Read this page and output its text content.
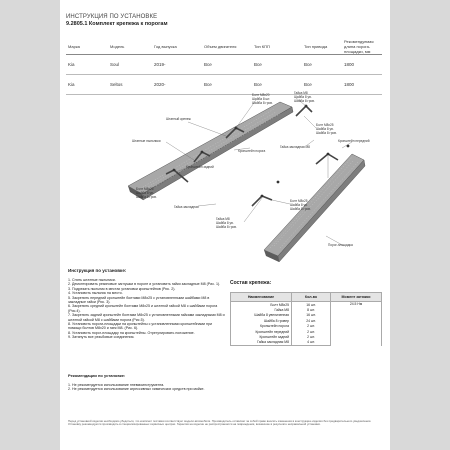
ИНСТРУКЦИЯ ПО УСТАНОВКЕ
9.2805.1 Комплект крепежа к порогам
Марка	Модель	Год выпуска	Объем двигателя	Тип КПП	Тип привода	Рекомендуемая длина порога-площадки, мм
Kia	Soul	2019-	Все	Все	Все	1800
Kia	Seltos	2020-	Все	Все	Все	1800
Болт М8х20
Шайба 8 шт.
Шайба 8 гров.
Гайка М8
Шайба 8 ув.
Шайба 8 гров.
Штатный крепеж
Штатные пыльники
Кронштейн порога
Гайка закладная М8
Кронштейн передний
Болт М8х25
Шайба 8 ув.
Шайба 8 гров.
Кронштейн задний
Болт М8х25
Шайба 8 ув.
Шайба 8 гров.
Гайка закладная
Болт М8х25
Шайба 8 ув.
Шайба 8 гров.
Гайка М8
Шайба 8 ув.
Шайба 8 гров.
Порог-площадка
Инструкция по установке:
1. Снять штатные пыльники.
2. Демонтировать резиновые заглушки в пороге и установить гайки закладные М8 (Рис. 1).
3. Подрезать пыльник в местах установки кронштейнов (Рис. 2).
4. Установить пыльник на место.
5. Закрепить передний кронштейн болтами М8х25 с установленными шайбами М8 в закладные гайки (Рис. 3).
6. Закрепить средний кронштейн болтами М8х25 и штатной гайкой М8 с шайбами порога (Рис.4).
7. Закрепить задний кронштейн болтами М8х25 с установленными гайками закладными М8 и штатной гайкой М8 с шайбами порога (Рис.5).
8. Установить пороги-площадки на кронштейны с установленными кронштейнами при помощи болтов М8х20 и гаек М8. (Рис. 6).
8. Установить порог-площадку на кронштейны. Отрегулировать положение.
9. Затянуть все резьбовые соединения.
Состав крепежа:
Наименование	Кол-во	Момент затяжки
Болт М8х25	16 шт.	24.5 Нм
Гайка М8	8 шт.	
Шайба 8 увеличенная	16 шт.	
Шайба 8 гровер	24 шт.	
Кронштейн порога	2 шт.	
Кронштейн передний	2 шт.	
Кронштейн задний	2 шт.	
Гайка закладная М8	4 шт.	
Рекомендации по установке:
1. Не рекомендуется использование пневмоинструмента.
2. Не рекомендуется использование агрессивных химических средств при мойке.
Перед установкой изделия необходимо убедиться, что комплект поставки соответствует модели автомобиля. Производитель оставляет за собой право вносить изменения в конструкцию изделия без предварительного уведомления. Установку рекомендуется производить в специализированных сервисных центрах. Гарантия на изделие не распространяется на повреждения, возникшие в результате неправильной установки.
